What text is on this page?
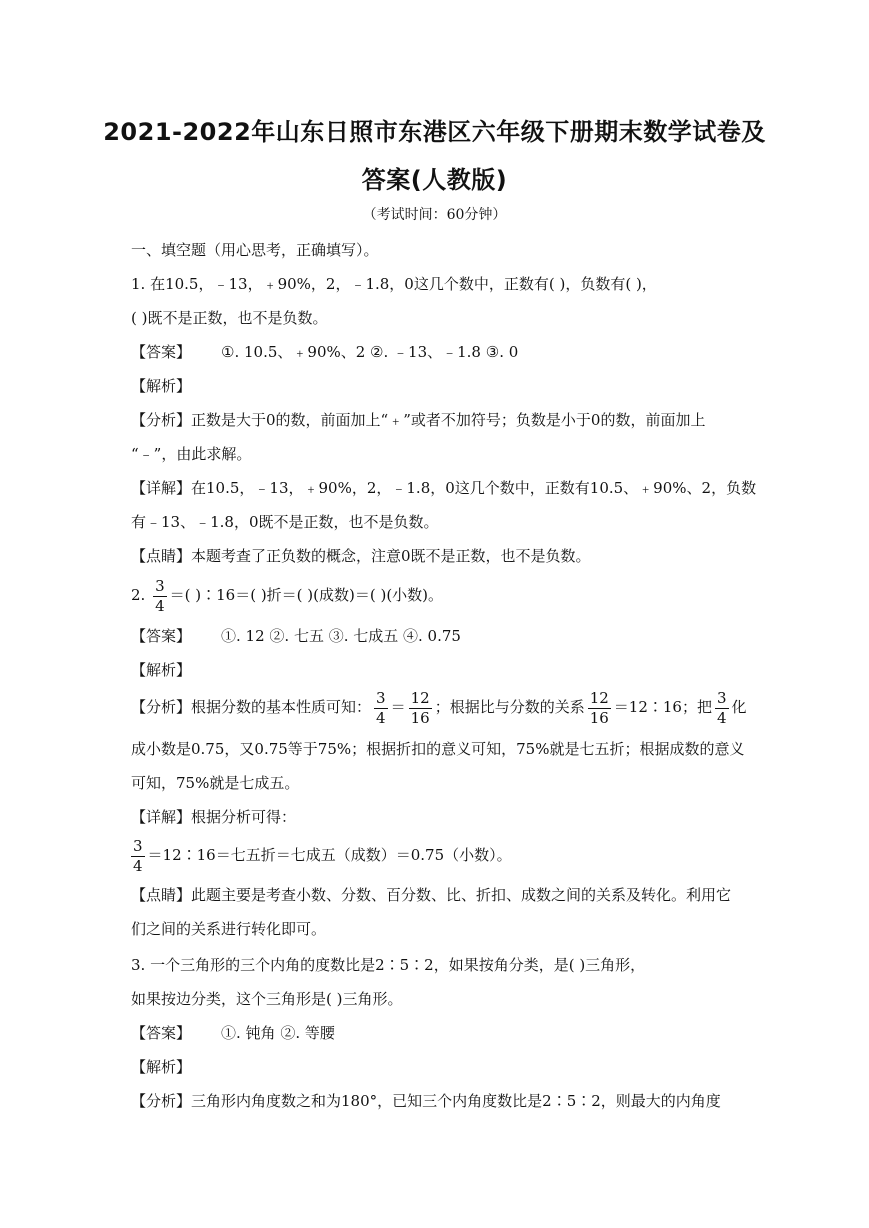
2021-2022年山东日照市东港区六年级下册期末数学试卷及
答案(人教版)
（考试时间：60分钟）
一、填空题（用心思考，正确填写）。
1. 在10.5，﹣13，﹢90%，2，﹣1.8，0这几个数中，正数有( )，负数有( )，
( )既不是正数，也不是负数。
【答案】 ①. 10.5、﹢90%、2 ②. ﹣13、﹣1.8 ③. 0
【解析】
【分析】正数是大于0的数，前面加上“﹢”或者不加符号；负数是小于0的数，前面加上
“﹣”，由此求解。
【详解】在10.5，﹣13，﹢90%，2，﹣1.8，0这几个数中，正数有10.5、﹢90%、2，负数
有﹣13、﹣1.8，0既不是正数，也不是负数。
【点睛】本题考查了正负数的概念，注意0既不是正数，也不是负数。
2. $\frac{3}{4}$ ＝( )∶16＝( )折＝( )(成数)＝( )(小数)。
【答案】 ①. 12 ②. 七五 ③. 七成五 ④. 0.75
【解析】
【分析】根据分数的基本性质可知： $\frac{3}{4} = \frac{12}{16}$ ；根据比与分数的关系 $\frac{12}{16}$ ＝12∶16；把 $\frac{3}{4}$ 化
成小数是0.75，又0.75等于75%；根据折扣的意义可知，75%就是七五折；根据成数的意义
可知，75%就是七成五。
【详解】根据分析可得：
$\frac{3}{4}$ ＝12∶16＝七五折＝七成五（成数）＝0.75（小数）。
【点睛】此题主要是考查小数、分数、百分数、比、折扣、成数之间的关系及转化。利用它
们之间的关系进行转化即可。
3. 一个三角形的三个内角的度数比是2∶5∶2，如果按角分类，是( )三角形，
如果按边分类，这个三角形是( )三角形。
【答案】 ①. 钝角 ②. 等腰
【解析】
【分析】三角形内角度数之和为180°，已知三个内角度数比是2∶5∶2，则最大的内角度
